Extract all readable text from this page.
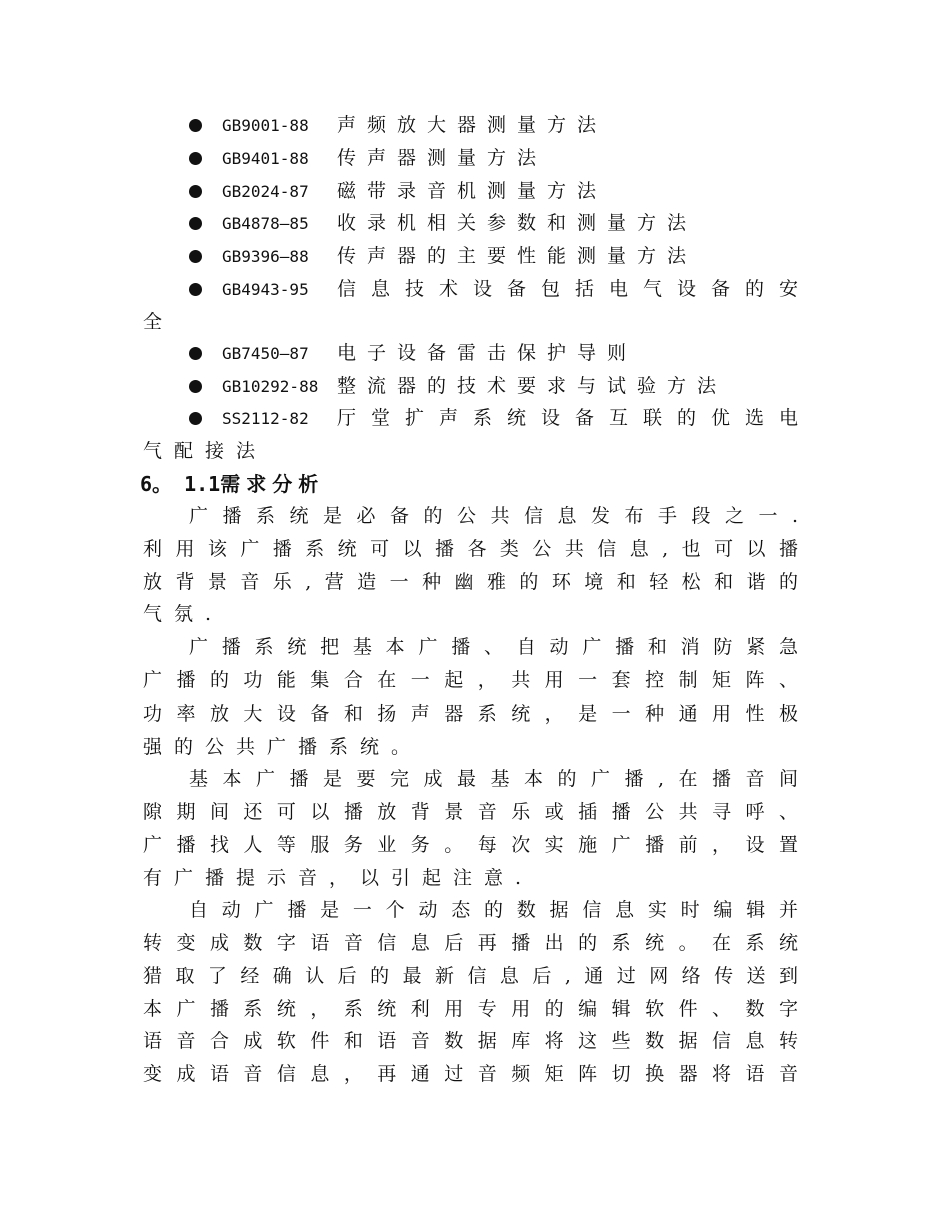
GB9001-88 声频放大器测量方法
GB9401-88 传声器测量方法
GB2024-87 磁带录音机测量方法
GB4878—85 收录机相关参数和测量方法
GB9396—88 传声器的主要性能测量方法
GB4943-95 信息技术设备包括电气设备的安
全
GB7450—87 电子设备雷击保护导则
GB10292-88 整流器的技术要求与试验方法
SS2112-82 厅堂扩声系统设备互联的优选电
气配接法
6。 1.1需求分析
广播系统是必备的公共信息发布手段之一.
利用该广播系统可以播各类公共信息,也可以播
放背景音乐,营造一种幽雅的环境和轻松和谐的
气氛.
广播系统把基本广播、自动广播和消防紧急
广播的功能集合在一起，共用一套控制矩阵、
功率放大设备和扬声器系统，是一种通用性极
强的公共广播系统。
基本广播是要完成最基本的广播,在播音间
隙期间还可以播放背景音乐或插播公共寻呼、
广播找人等服务业务。每次实施广播前，设置
有广播提示音，以引起注意.
自动广播是一个动态的数据信息实时编辑并
转变成数字语音信息后再播出的系统。在系统
猎取了经确认后的最新信息后,通过网络传送到
本广播系统，系统利用专用的编辑软件、数字
语音合成软件和语音数据库将这些数据信息转
变成语音信息，再通过音频矩阵切换器将语音
